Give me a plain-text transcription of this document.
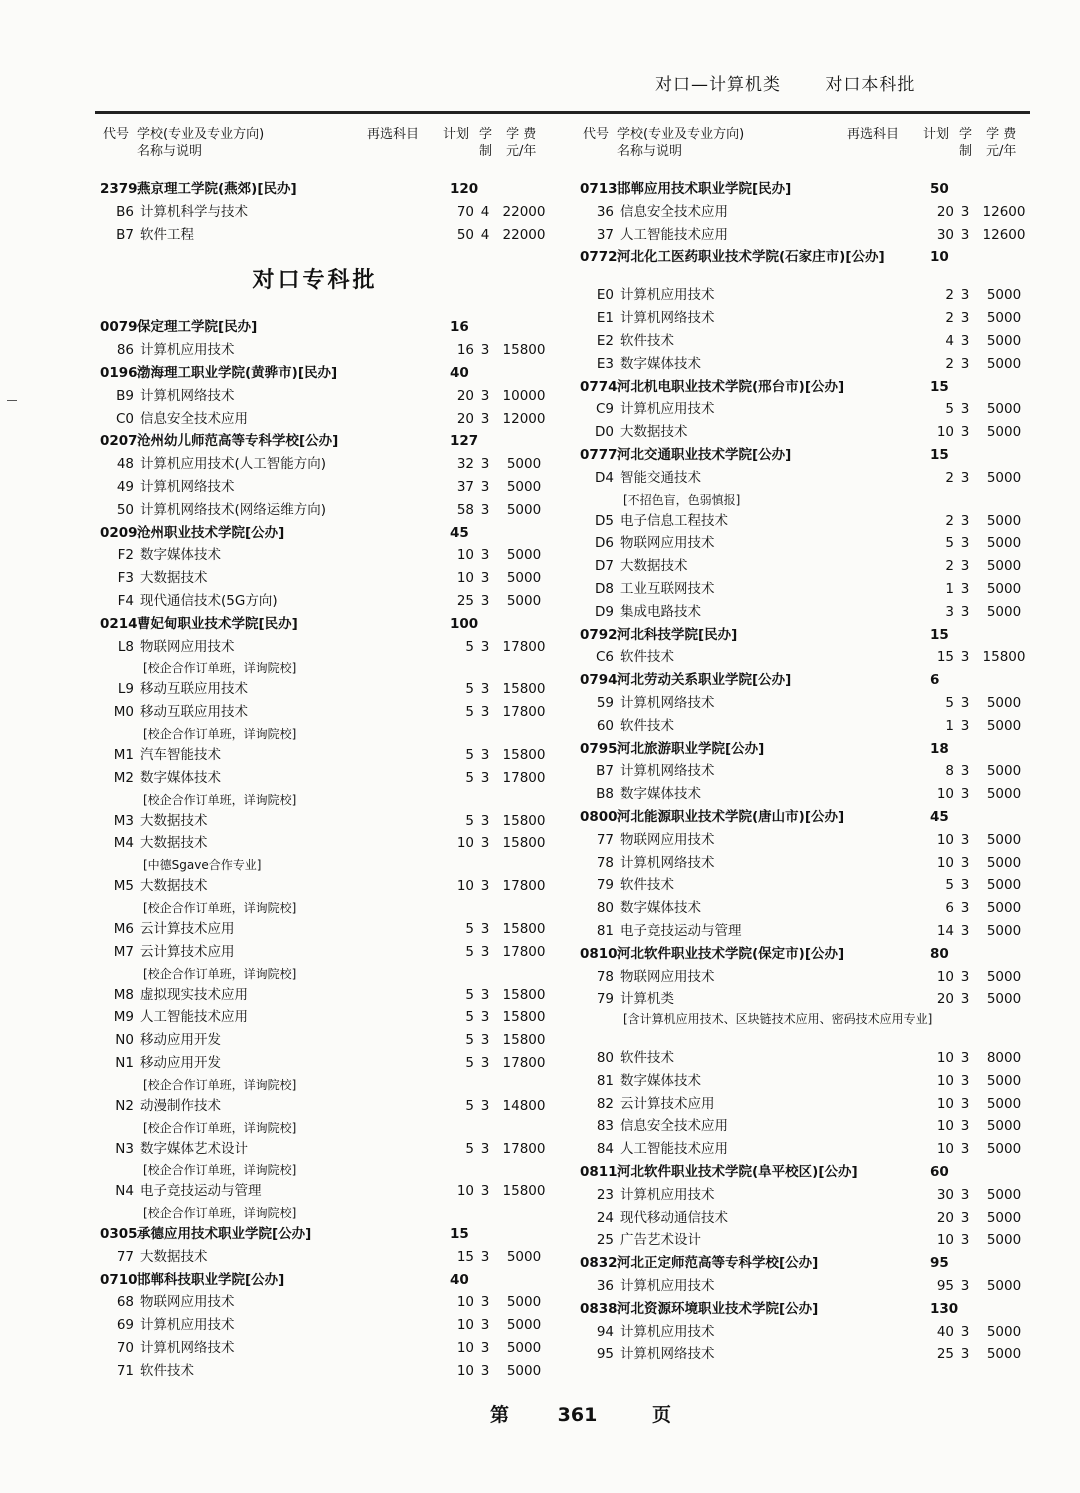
对口—计算机类	对口本科批
代号 学校(专业及专业方向)
名称与说明
再选科目 计划 学
制
学 费
元/年
2379 燕京理工学院(燕郊)[民办]	120
B6 计算机科学与技术	70 4 22000
B7 软件工程	50 4 22000
对口专科批
0079 保定理工学院[民办]	16
86 计算机应用技术	16 3 15800
0196 渤海理工职业学院(黄骅市)[民办]	40
B9 计算机网络技术	20 3 10000
C0 信息安全技术应用	20 3 12000
0207 沧州幼儿师范高等专科学校[公办]	127
48 计算机应用技术(人工智能方向)	32 3	5000
49 计算机网络技术	37 3	5000
50 计算机网络技术(网络运维方向)	58 3	5000
0209 沧州职业技术学院[公办]	45
F2 数字媒体技术	10 3	5000
F3 大数据技术	10 3	5000
F4 现代通信技术(5G方向)	25 3	5000
0214 曹妃甸职业技术学院[民办]	100
L8 物联网应用技术	5 3 17800
[校企合作订单班，详询院校]
L9 移动互联应用技术	5 3 15800
M0 移动互联应用技术	5 3 17800
[校企合作订单班，详询院校]
M1 汽车智能技术	5 3 15800
M2 数字媒体技术	5 3 17800
[校企合作订单班，详询院校]
M3 大数据技术	5 3 15800
M4 大数据技术	10 3 15800
[中德Sgave合作专业]
M5 大数据技术	10 3 17800
[校企合作订单班，详询院校]
M6 云计算技术应用	5 3 15800
M7 云计算技术应用	5 3 17800
[校企合作订单班，详询院校]
M8 虚拟现实技术应用	5 3 15800
M9 人工智能技术应用	5 3 15800
N0 移动应用开发	5 3 15800
N1 移动应用开发	5 3 17800
[校企合作订单班，详询院校]
N2 动漫制作技术	5 3 14800
[校企合作订单班，详询院校]
N3 数字媒体艺术设计	5 3 17800
[校企合作订单班，详询院校]
N4 电子竞技运动与管理	10 3 15800
[校企合作订单班，详询院校]
0305 承德应用技术职业学院[公办]	15
77 大数据技术	15 3	5000
0710 邯郸科技职业学院[公办]	40
68 物联网应用技术	10 3	5000
69 计算机应用技术	10 3	5000
70 计算机网络技术	10 3	5000
71 软件技术	10 3	5000
代号 学校(专业及专业方向)
名称与说明
再选科目 计划 学
制
学 费
元/年
0713 邯郸应用技术职业学院[民办]	50
36 信息安全技术应用	20 3 12600
37 人工智能技术应用	30 3 12600
0772 河北化工医药职业技术学院(石家庄市)[公办]	10
E0 计算机应用技术	2 3	5000
E1 计算机网络技术	2 3	5000
E2 软件技术	4 3	5000
E3 数字媒体技术	2 3	5000
0774 河北机电职业技术学院(邢台市)[公办]	15
C9 计算机应用技术	5 3	5000
D0 大数据技术	10 3	5000
0777 河北交通职业技术学院[公办]	15
D4 智能交通技术	2 3	5000
[不招色盲，色弱慎报]
D5 电子信息工程技术	2 3	5000
D6 物联网应用技术	5 3	5000
D7 大数据技术	2 3	5000
D8 工业互联网技术	1 3	5000
D9 集成电路技术	3 3	5000
0792 河北科技学院[民办]	15
C6 软件技术	15 3 15800
0794 河北劳动关系职业学院[公办]	6
59 计算机网络技术	5 3	5000
60 软件技术	1 3	5000
0795 河北旅游职业学院[公办]	18
B7 计算机网络技术	8 3	5000
B8 数字媒体技术	10 3	5000
0800 河北能源职业技术学院(唐山市)[公办]	45
77 物联网应用技术	10 3	5000
78 计算机网络技术	10 3	5000
79 软件技术	5 3	5000
80 数字媒体技术	6 3	5000
81 电子竞技运动与管理	14 3	5000
0810 河北软件职业技术学院(保定市)[公办]	80
78 物联网应用技术	10 3	5000
79 计算机类	20 3	5000
[含计算机应用技术、区块链技术应用、密码技术应用专业]
80 软件技术	10 3	8000
81 数字媒体技术	10 3	5000
82 云计算技术应用	10 3	5000
83 信息安全技术应用	10 3	5000
84 人工智能技术应用	10 3	5000
0811 河北软件职业技术学院(阜平校区)[公办]	60
23 计算机应用技术	30 3	5000
24 现代移动通信技术	20 3	5000
25 广告艺术设计	10 3	5000
0832 河北正定师范高等专科学校[公办]	95
36 计算机应用技术	95 3	5000
0838 河北资源环境职业技术学院[公办]	130
94 计算机应用技术	40 3	5000
95 计算机网络技术	25 3	5000
第	361	页
